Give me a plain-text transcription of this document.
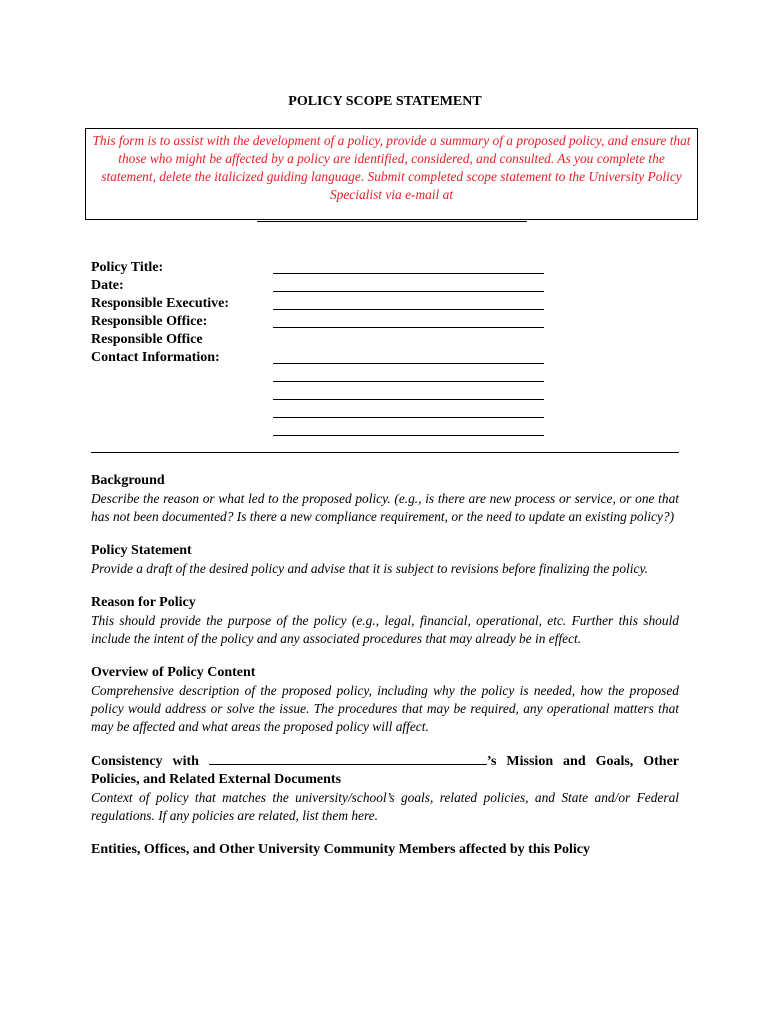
POLICY SCOPE STATEMENT
This form is to assist with the development of a policy, provide a summary of a proposed policy, and ensure that those who might be affected by a policy are identified, considered, and consulted. As you complete the statement, delete the italicized guiding language. Submit completed scope statement to the University Policy Specialist via e-mail at
Policy Title:
Date:
Responsible Executive:
Responsible Office:
Responsible Office
Contact Information:
Background
Describe the reason or what led to the proposed policy. (e.g., is there are new process or service, or one that has not been documented? Is there a new compliance requirement, or the need to update an existing policy?)
Policy Statement
Provide a draft of the desired policy and advise that it is subject to revisions before finalizing the policy.
Reason for Policy
This should provide the purpose of the policy (e.g., legal, financial, operational, etc. Further this should include the intent of the policy and any associated procedures that may already be in effect.
Overview of Policy Content
Comprehensive description of the proposed policy, including why the policy is needed, how the proposed policy would address or solve the issue. The procedures that may be required, any operational matters that may be affected and what areas the proposed policy will affect.
Consistency with	’s Mission and Goals, Other Policies, and Related External Documents
Context of policy that matches the university/school’s goals, related policies, and State and/or Federal regulations. If any policies are related, list them here.
Entities, Offices, and Other University Community Members affected by this Policy
